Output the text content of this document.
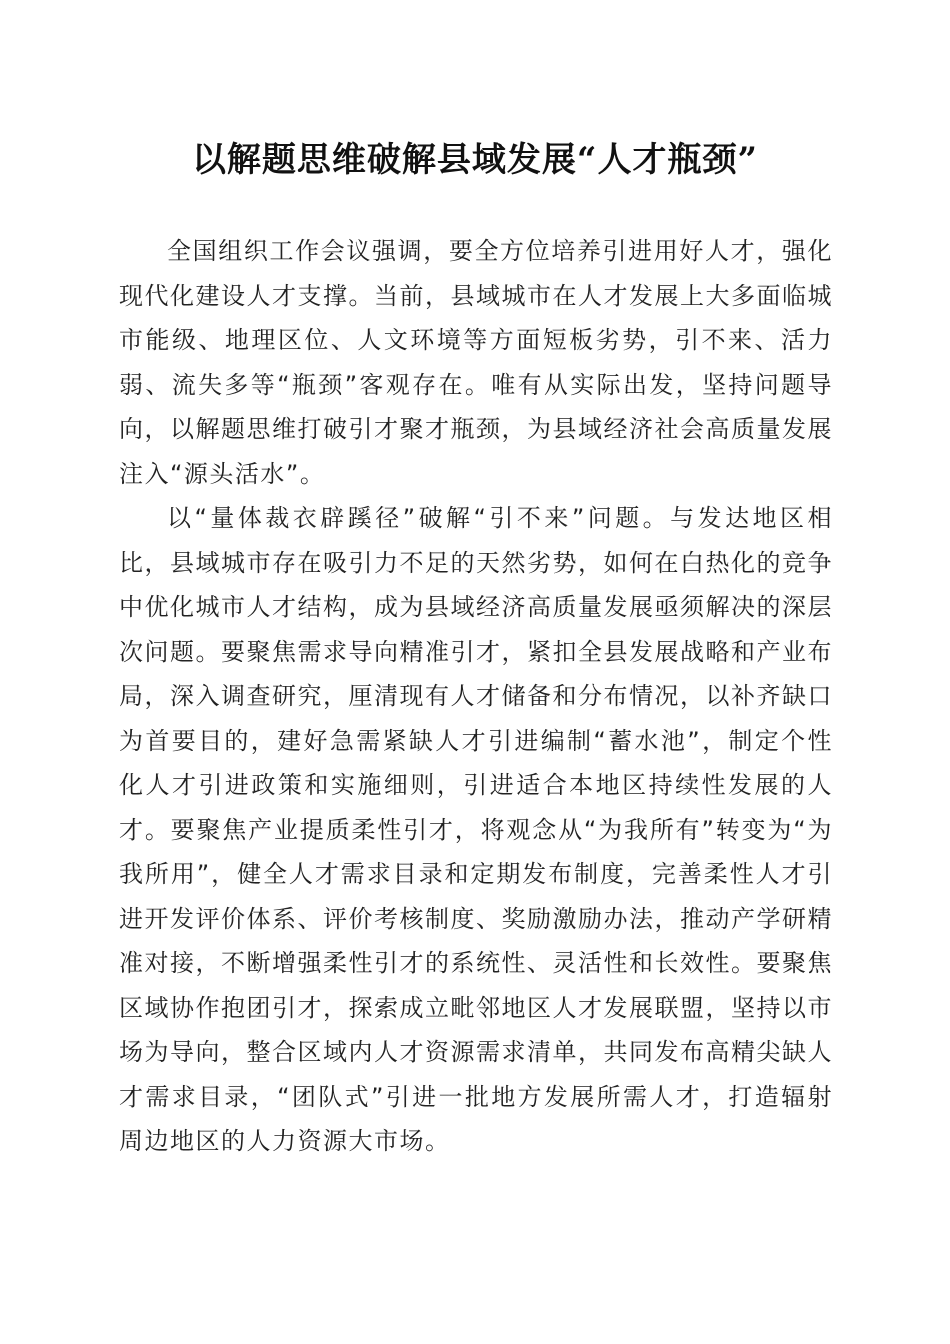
以解题思维破解县域发展“人才瓶颈”

全国组织工作会议强调，要全方位培养引进用好人才，强化现代化建设人才支撑。当前，县域城市在人才发展上大多面临城市能级、地理区位、人文环境等方面短板劣势，引不来、活力弱、流失多等“瓶颈”客观存在。唯有从实际出发，坚持问题导向，以解题思维打破引才聚才瓶颈，为县域经济社会高质量发展注入“源头活水”。

以“量体裁衣辟蹊径”破解“引不来”问题。与发达地区相比，县域城市存在吸引力不足的天然劣势，如何在白热化的竞争中优化城市人才结构，成为县域经济高质量发展亟须解决的深层次问题。要聚焦需求导向精准引才，紧扣全县发展战略和产业布局，深入调查研究，厘清现有人才储备和分布情况，以补齐缺口为首要目的，建好急需紧缺人才引进编制“蓄水池”，制定个性化人才引进政策和实施细则，引进适合本地区持续性发展的人才。要聚焦产业提质柔性引才，将观念从“为我所有”转变为“为我所用”，健全人才需求目录和定期发布制度，完善柔性人才引进开发评价体系、评价考核制度、奖励激励办法，推动产学研精准对接，不断增强柔性引才的系统性、灵活性和长效性。要聚焦区域协作抱团引才，探索成立毗邻地区人才发展联盟，坚持以市场为导向，整合区域内人才资源需求清单，共同发布高精尖缺人才需求目录，“团队式”引进一批地方发展所需人才，打造辐射周边地区的人力资源大市场。
